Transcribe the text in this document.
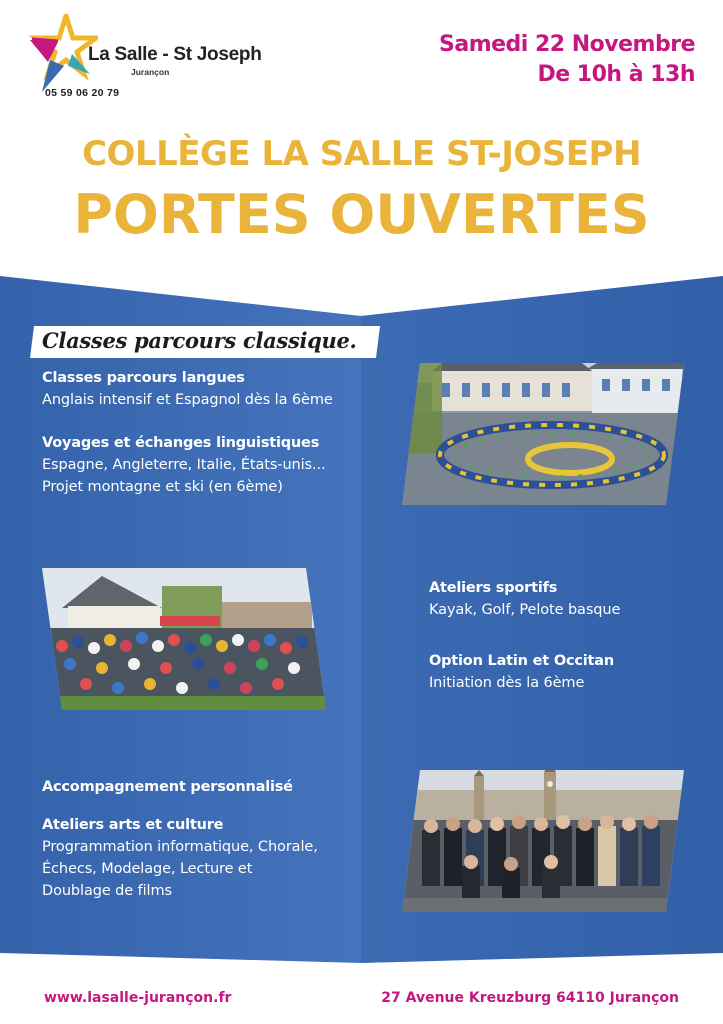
La Salle - St Joseph
Jurançon
05 59 06 20 79
Samedi 22 Novembre
De 10h à 13h
COLLÈGE LA SALLE ST-JOSEPH
PORTES OUVERTES
Classes parcours classique.
Classes parcours langues
Anglais intensif et Espagnol dès la 6ème
Voyages et échanges linguistiques
Espagne, Angleterre, Italie, États-unis...
Projet montagne et ski (en 6ème)
Ateliers sportifs
Kayak, Golf, Pelote basque
Option Latin et Occitan
Initiation dès la 6ème
Accompagnement personnalisé
Ateliers arts et culture
Programmation informatique, Chorale,
Échecs, Modelage, Lecture et
Doublage de films
www.lasalle-jurançon.fr	27 Avenue Kreuzburg 64110 Jurançon
